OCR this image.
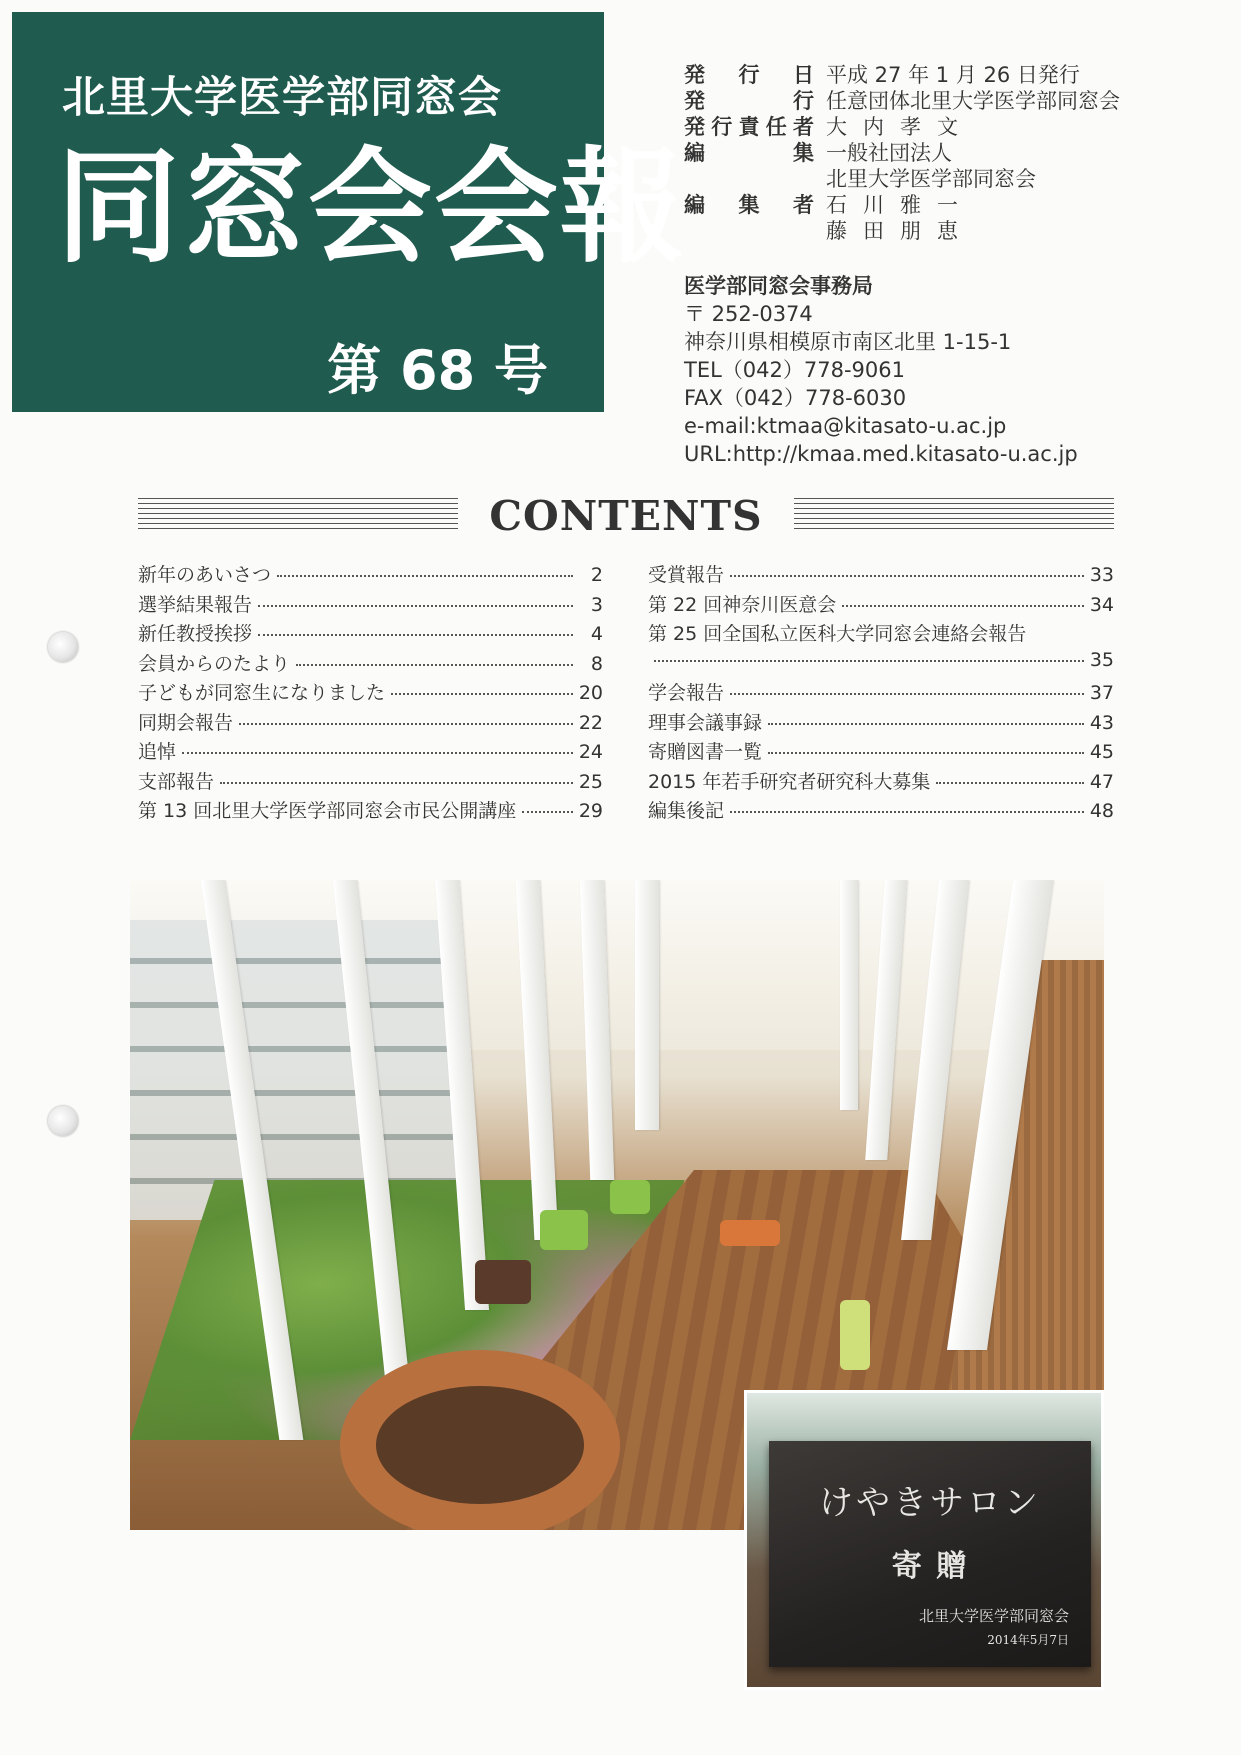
北里大学医学部同窓会
同窓会会報
第 68 号
発　行　日 平成 27 年 1 月 26 日発行
発　　　行 任意団体北里大学医学部同窓会
発行責任者 大内孝文
編　　　集 一般社団法人
北里大学医学部同窓会
編　集　者 石川雅一
藤田朋恵
医学部同窓会事務局
〒 252-0374
神奈川県相模原市南区北里 1-15-1
TEL（042）778-9061
FAX（042）778-6030
e-mail:ktmaa@kitasato-u.ac.jp
URL:http://kmaa.med.kitasato-u.ac.jp
CONTENTS
新年のあいさつ	2
選挙結果報告	3
新任教授挨拶	4
会員からのたより	8
子どもが同窓生になりました	20
同期会報告	22
追悼	24
支部報告	25
第 13 回北里大学医学部同窓会市民公開講座	29
受賞報告	33
第 22 回神奈川医意会	34
第 25 回全国私立医科大学同窓会連絡会報告
35
学会報告	37
理事会議事録	43
寄贈図書一覧	45
2015 年若手研究者研究科大募集	47
編集後記	48
けやきサロン
寄 贈
北里大学医学部同窓会
2014年5月7日
